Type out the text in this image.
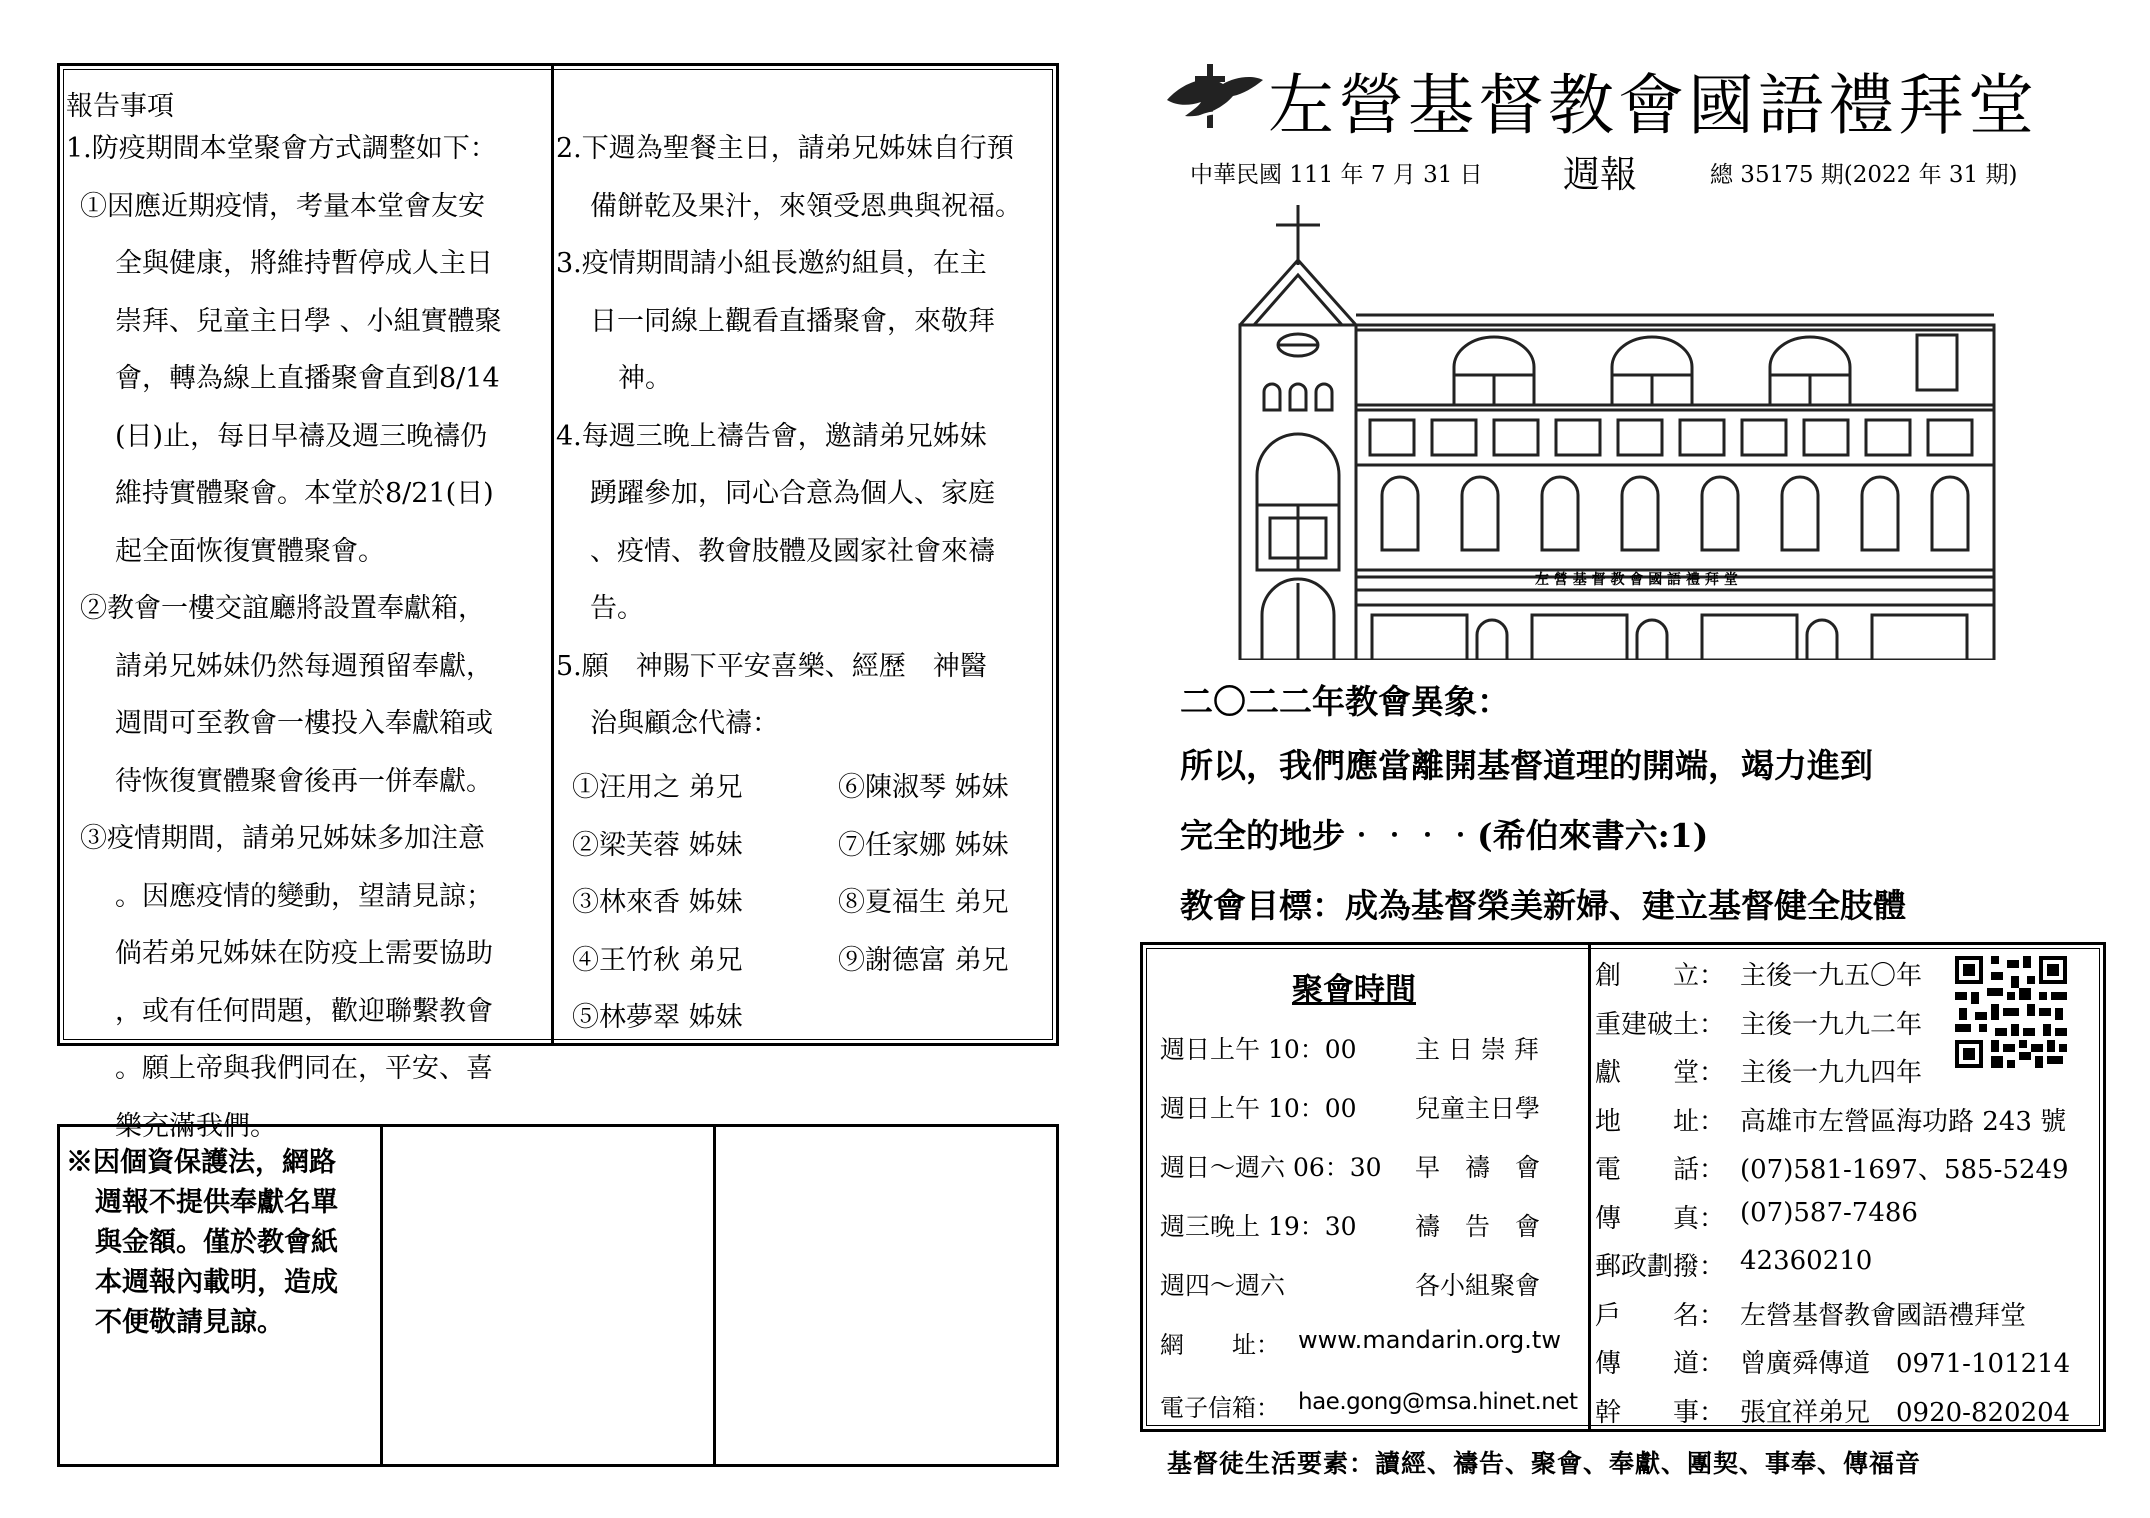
報告事項	左營基督教會國語禮拜堂
中華民國 111 年 7 月 31 日 週報	總 35175 期(2022 年 31 期)
左 營 基 督 教 會 國 語 禮 拜 堂
二〇二二年教會異象：
所以，我們應當離開基督道理的開端，竭力進到
完全的地步‧‧‧‧(希伯來書六:1)
教會目標：成為基督榮美新婦、建立基督健全肢體
聚會時間
網　　址： www.mandarin.org.tw
電子信箱： hae.gong@msa.hinet.net
基督徒生活要素：讀經、禱告、聚會、奉獻、團契、事奉、傳福音
1.防疫期間本堂聚會方式調整如下：
①因應近期疫情，考量本堂會友安
全與健康，將維持暫停成人主日
崇拜、兒童主日學 、小組實體聚
會，轉為線上直播聚會直到8/14
(日)止，每日早禱及週三晚禱仍
維持實體聚會。本堂於8/21(日)
起全面恢復實體聚會。
②教會一樓交誼廳將設置奉獻箱，
請弟兄姊妹仍然每週預留奉獻，
週間可至教會一樓投入奉獻箱或
待恢復實體聚會後再一併奉獻。
③疫情期間，請弟兄姊妹多加注意
。因應疫情的變動，望請見諒；
倘若弟兄姊妹在防疫上需要協助
，或有任何問題，歡迎聯繫教會
。願上帝與我們同在，平安、喜
樂充滿我們。
2.下週為聖餐主日，請弟兄姊妹自行預
備餅乾及果汁，來領受恩典與祝福。
3.疫情期間請小組長邀約組員，在主
日一同線上觀看直播聚會，來敬拜
神。
4.每週三晚上禱告會，邀請弟兄姊妹
踴躍參加，同心合意為個人、家庭
、疫情、教會肢體及國家社會來禱
告。
5.願　神賜下平安喜樂、經歷　神醫
治與顧念代禱：
①汪用之 弟兄	⑥陳淑琴 姊妹
②梁芙蓉 姊妹	⑦任家娜 姊妹
③林來香 姊妹	⑧夏福生 弟兄
④王竹秋 弟兄	⑨謝德富 弟兄
⑤林夢翠 姊妹
※因個資保護法，網路
週報不提供奉獻名單
與金額。僅於教會紙
本週報內載明，造成
不便敬請見諒。
週日上午 10：00 主 日 崇 拜
週日上午 10：00 兒童主日學
週日～週六 06：30 早　禱　會
週三晚上 19：30 禱　告　會
週四～週六	各小組聚會
創　　立： 主後一九五〇年
重建破土： 主後一九九二年
獻　　堂： 主後一九九四年
地　　址： 高雄市左營區海功路 243 號
電　　話： (07)581-1697、585-5249
傳　　真： (07)587-7486
郵政劃撥： 42360210
戶　　名： 左營基督教會國語禮拜堂
傳　　道： 曾廣舜傳道　0971-101214
幹　　事： 張宜祥弟兄　0920-820204
